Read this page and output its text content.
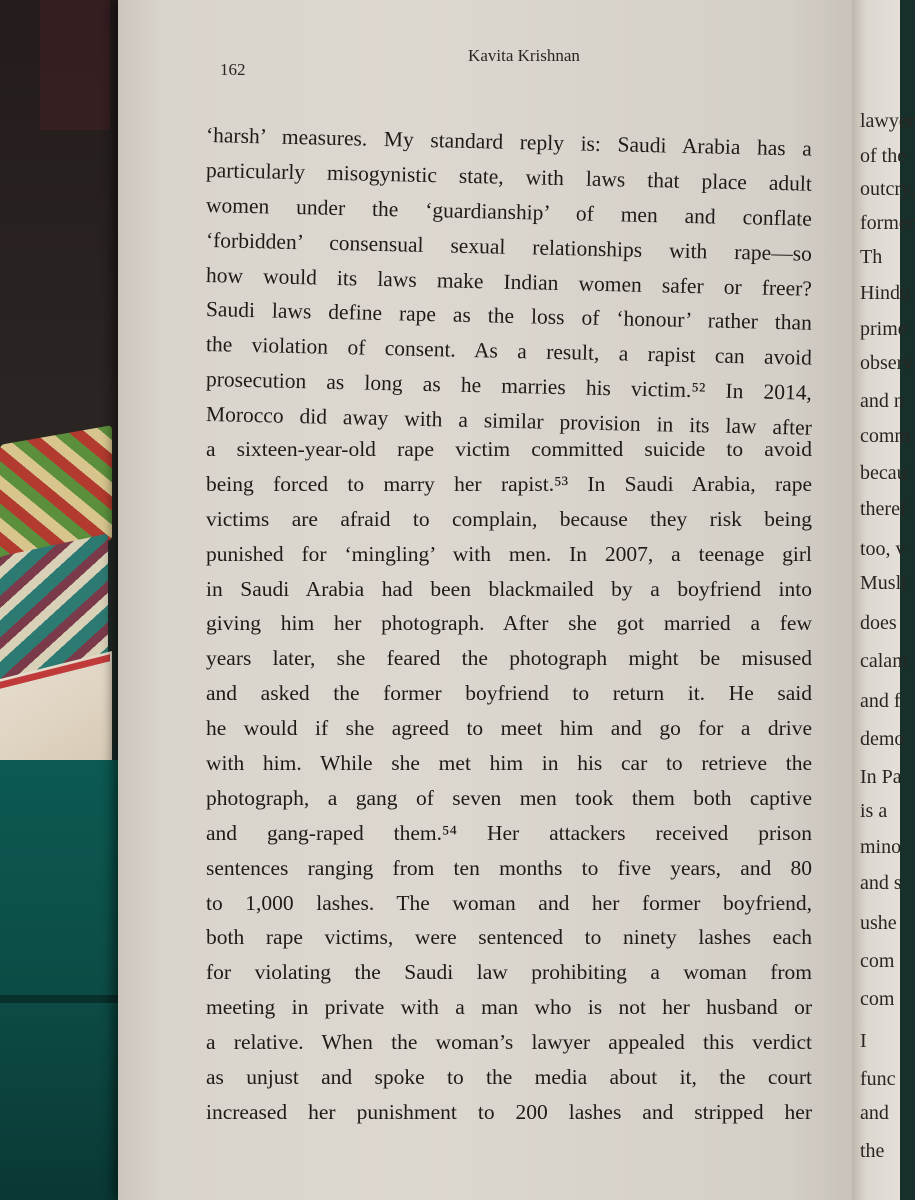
162
Kavita Krishnan
‘harsh’ measures. My standard reply is: Saudi Arabia has a
particularly misogynistic state, with laws that place adult
women under the ‘guardianship’ of men and conflate
‘forbidden’ consensual sexual relationships with rape—so
how would its laws make Indian women safer or freer?
Saudi laws define rape as the loss of ‘honour’ rather than
the violation of consent. As a result, a rapist can avoid
prosecution as long as he marries his victim.⁵² In 2014,
Morocco did away with a similar provision in its law after
a sixteen-year-old rape victim committed suicide to avoid
being forced to marry her rapist.⁵³ In Saudi Arabia, rape
victims are afraid to complain, because they risk being
punished for ‘mingling’ with men. In 2007, a teenage girl
in Saudi Arabia had been blackmailed by a boyfriend into
giving him her photograph. After she got married a few
years later, she feared the photograph might be misused
and asked the former boyfriend to return it. He said
he would if she agreed to meet him and go for a drive
with him. While she met him in his car to retrieve the
photograph, a gang of seven men took them both captive
and gang-raped them.⁵⁴ Her attackers received prison
sentences ranging from ten months to five years, and 80
to 1,000 lashes. The woman and her former boyfriend,
both rape victims, were sentenced to ninety lashes each
for violating the Saudi law prohibiting a woman from
meeting in private with a man who is not her husband or
a relative. When the woman’s lawyer appealed this verdict
as unjust and spoke to the media about it, the court
increased her punishment to 200 lashes and stripped her
lawyer
of the
outcry,
former
Th
Hindu
prime
observ
and n
comm
becau
theref
too, v
Musli
does
calam
and f
demo
In Pa
is a
mino
and s
ushe
com
com
I
func
and
the
